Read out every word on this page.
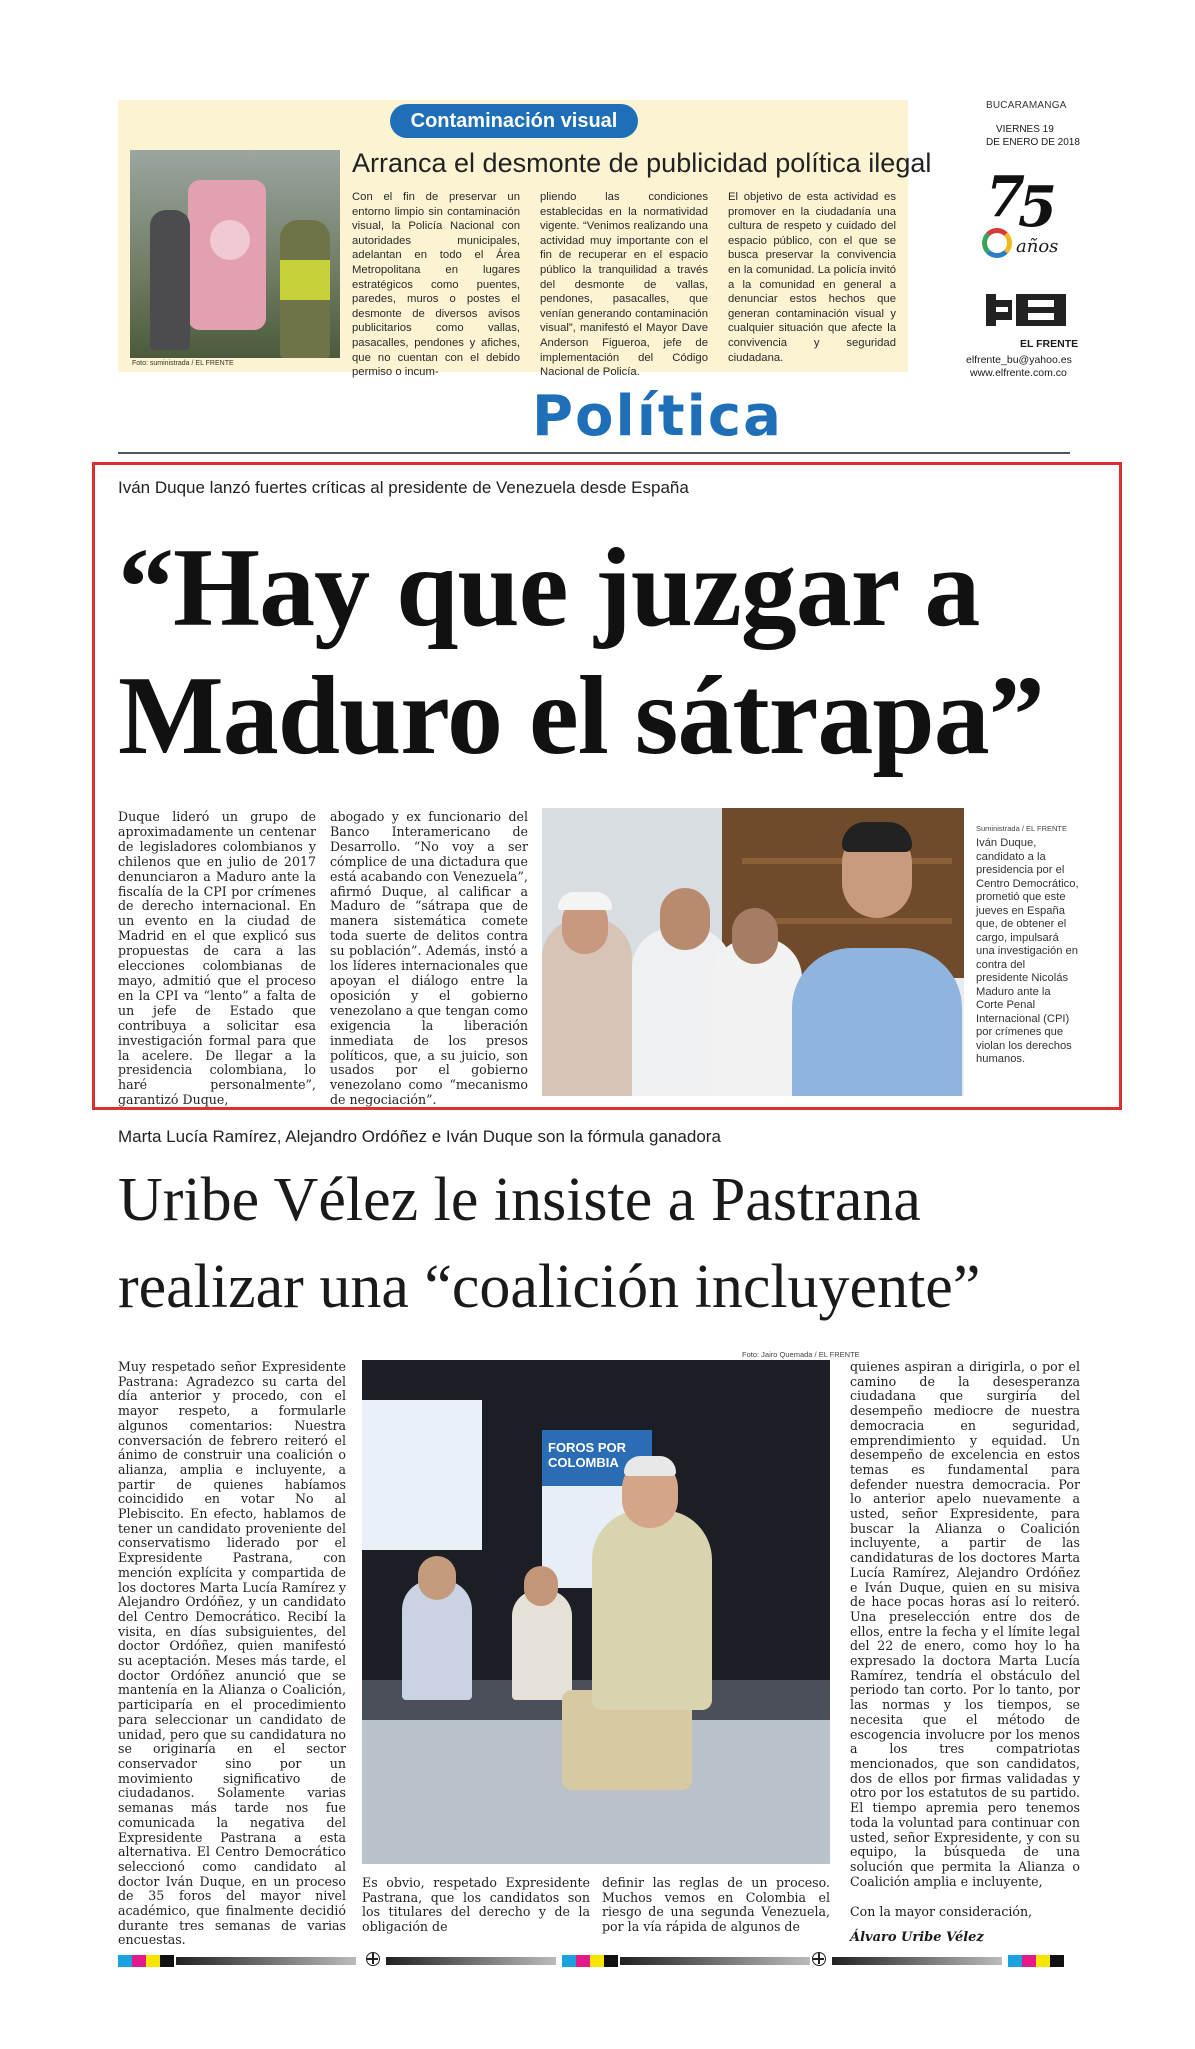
Contaminación visual
Foto: suministrada / EL FRENTE
Arranca el desmonte de publicidad política ilegal
Con el fin de preservar un entorno limpio sin contaminación visual, la Policía Nacional con autoridades municipales, adelantan en todo el Área Metropolitana en lugares estratégicos como puentes, paredes, muros o postes el desmonte de diversos avisos publicitarios como vallas, pasacalles, pendones y afiches, que no cuentan con el debido permiso o incum-
pliendo las condiciones establecidas en la normatividad vigente. “Venimos realizando una actividad muy importante con el fin de recuperar en el espacio público la tranquilidad a través del desmonte de vallas, pendones, pasacalles, que venían generando contaminación visual”, manifestó el Mayor Dave Anderson Figueroa, jefe de implementación del Código Nacional de Policía.
El objetivo de esta actividad es promover en la ciudadanía una cultura de respeto y cuidado del espacio público, con el que se busca preservar la convivencia en la comunidad. La policía invitó a la comunidad en general a denunciar estos hechos que generan contaminación visual y cualquier situación que afecte la convivencia y seguridad ciudadana.
BUCARAMANGA
VIERNES 19
DE ENERO DE 2018
7
5
años
EL FRENTE
elfrente_bu@yahoo.es
www.elfrente.com.co
Política
Iván Duque lanzó fuertes críticas al presidente de Venezuela desde España
“Hay que juzgar a
Maduro el sátrapa”
Duque lideró un grupo de aproximadamente un centenar de legisladores colombianos y chilenos que en julio de 2017 denunciaron a Maduro ante la fiscalía de la CPI por crímenes de derecho internacional. En un evento en la ciudad de Madrid en el que explicó sus propuestas de cara a las elecciones colombianas de mayo, admitió que el proceso en la CPI va “lento” a falta de un jefe de Estado que contribuya a solicitar esa investigación formal para que la acelere. De llegar a la presidencia colombiana, lo haré personalmente”, garantizó Duque,
abogado y ex funcionario del Banco Interamericano de Desarrollo. “No voy a ser cómplice de una dictadura que está acabando con Venezuela”, afirmó Duque, al calificar a Maduro de “sátrapa que de manera sistemática comete toda suerte de delitos contra su población”. Además, instó a los líderes internacionales que apoyan el diálogo entre la oposición y el gobierno venezolano a que tengan como exigencia la liberación inmediata de los presos políticos, que, a su juicio, son usados por el gobierno venezolano como “mecanismo de negociación”.
Suministrada / EL FRENTE
Iván Duque, candidato a la presidencia por el Centro Democrático, prometió que este jueves en España que, de obtener el cargo, impulsará una investigación en contra del presidente Nicolás Maduro ante la Corte Penal Internacional (CPI) por crímenes que violan los derechos humanos.
Marta Lucía Ramírez, Alejandro Ordóñez e Iván Duque son la fórmula ganadora
Uribe Vélez le insiste a Pastrana
realizar una “coalición incluyente”
Muy respetado señor Expresidente Pastrana: Agradezco su carta del día anterior y procedo, con el mayor respeto, a formularle algunos comentarios: Nuestra conversación de febrero reiteró el ánimo de construir una coalición o alianza, amplia e incluyente, a partir de quienes habíamos coincidido en votar No al Plebiscito. En efecto, hablamos de tener un candidato proveniente del conservatismo liderado por el Expresidente Pastrana, con mención explícita y compartida de los doctores Marta Lucía Ramírez y Alejandro Ordóñez, y un candidato del Centro Democrático. Recibí la visita, en días subsiguientes, del doctor Ordóñez, quien manifestó su aceptación. Meses más tarde, el doctor Ordóñez anunció que se mantenía en la Alianza o Coalición, participaría en el procedimiento para seleccionar un candidato de unidad, pero que su candidatura no se originaría en el sector conservador sino por un movimiento significativo de ciudadanos. Solamente varias semanas más tarde nos fue comunicada la negativa del Expresidente Pastrana a esta alternativa. El Centro Democrático seleccionó como candidato al doctor Iván Duque, en un proceso de 35 foros del mayor nivel académico, que finalmente decidió durante tres semanas de varias encuestas.
Foto: Jairo Quemada / EL FRENTE
FOROS POR COLOMBIA
Es obvio, respetado Expresidente Pastrana, que los candidatos son los titulares del derecho y de la obligación de
definir las reglas de un proceso. Muchos vemos en Colombia el riesgo de una segunda Venezuela, por la vía rápida de algunos de
quienes aspiran a dirigirla, o por el camino de la desesperanza ciudadana que surgiría del desempeño mediocre de nuestra democracia en seguridad, emprendimiento y equidad. Un desempeño de excelencia en estos temas es fundamental para defender nuestra democracia. Por lo anterior apelo nuevamente a usted, señor Expresidente, para buscar la Alianza o Coalición incluyente, a partir de las candidaturas de los doctores Marta Lucía Ramírez, Alejandro Ordóñez e Iván Duque, quien en su misiva de hace pocas horas así lo reiteró. Una preselección entre dos de ellos, entre la fecha y el límite legal del 22 de enero, como hoy lo ha expresado la doctora Marta Lucía Ramírez, tendría el obstáculo del periodo tan corto. Por lo tanto, por las normas y los tiempos, se necesita que el método de escogencia involucre por los menos a los tres compatriotas mencionados, que son candidatos, dos de ellos por firmas validadas y otro por los estatutos de su partido. El tiempo apremia pero tenemos toda la voluntad para continuar con usted, señor Expresidente, y con su equipo, la búsqueda de una solución que permita la Alianza o Coalición amplia e incluyente,
Con la mayor consideración,
Álvaro Uribe Vélez
